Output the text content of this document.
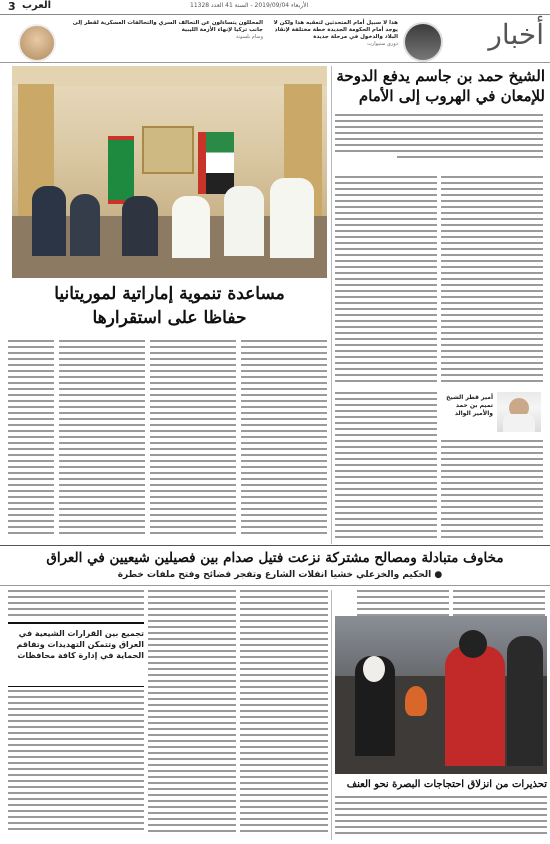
3 العرب	الأربعاء 2019/09/04 - السنة 41 العدد 11328
أخبار
هذا لا سبيل أمام المتحدثين لتعقبه هذا ولكن لا يوجد أمام الحكومة الجديدة خطة مختلفة لإنقاذ البلاد والدخول في مرحلة جديدة
دوري ستيوارت
المحللون يتساءلون عن التحالف السري والتحالفات العسكرية لقطر إلى جانب تركيا لإنهاء الأزمة الليبية
وسام بلسونة
الشيخ حمد بن جاسم يدفع الدوحة
للإمعان في الهروب إلى الأمام
أمير قطر الشيخ تميم بن حمد والأمير الوالد
مساعدة تنموية إماراتية لموريتانيا
حفاظا على استقرارها
مخاوف متبادلة ومصالح مشتركة نزعت فتيل صدام بين فصيلين شيعيين في العراق
● الحكيم والخزعلي خشيا انفلات الشارع وتفجر فضائح وفتح ملفات خطرة
تحذيرات من انزلاق احتجاجات البصرة نحو العنف
تجميع بين القرارات الشيعية في العراق وتتمكن التهديدات وتفاقم الحماية في إدارة كافة محافظات
